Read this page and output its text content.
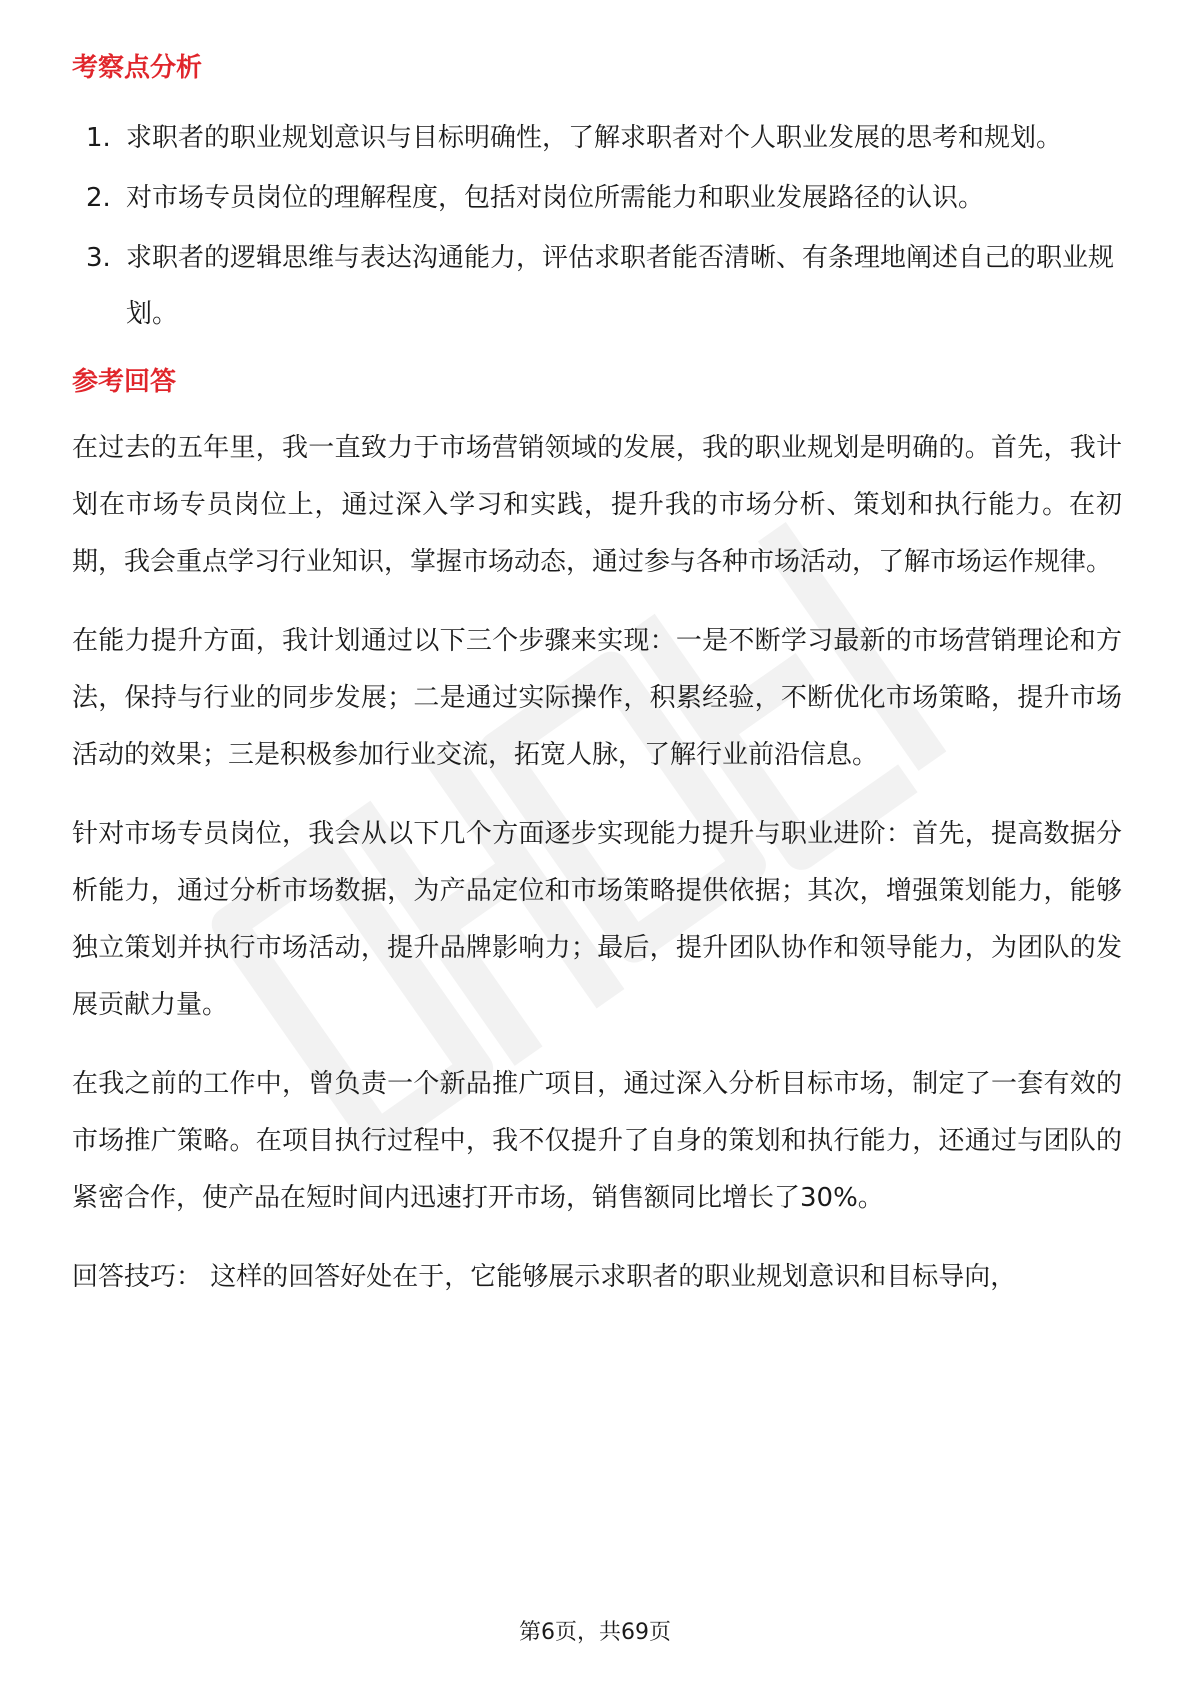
考察点分析
1. 求职者的职业规划意识与目标明确性，了解求职者对个人职业发展的思考和规划。
2. 对市场专员岗位的理解程度，包括对岗位所需能力和职业发展路径的认识。
3. 求职者的逻辑思维与表达沟通能力，评估求职者能否清晰、有条理地阐述自己的职业规划。
参考回答

在过去的五年里，我一直致力于市场营销领域的发展，我的职业规划是明确的。首先，我计划在市场专员岗位上，通过深入学习和实践，提升我的市场分析、策划和执行能力。在初期，我会重点学习行业知识，掌握市场动态，通过参与各种市场活动，了解市场运作规律。

在能力提升方面，我计划通过以下三个步骤来实现：一是不断学习最新的市场营销理论和方法，保持与行业的同步发展；二是通过实际操作，积累经验，不断优化市场策略，提升市场活动的效果；三是积极参加行业交流，拓宽人脉，了解行业前沿信息。

针对市场专员岗位，我会从以下几个方面逐步实现能力提升与职业进阶：首先，提高数据分析能力，通过分析市场数据，为产品定位和市场策略提供依据；其次，增强策划能力，能够独立策划并执行市场活动，提升品牌影响力；最后，提升团队协作和领导能力，为团队的发展贡献力量。

在我之前的工作中，曾负责一个新品推广项目，通过深入分析目标市场，制定了一套有效的市场推广策略。在项目执行过程中，我不仅提升了自身的策划和执行能力，还通过与团队的紧密合作，使产品在短时间内迅速打开市场，销售额同比增长了30%。

回答技巧： 这样的回答好处在于，它能够展示求职者的职业规划意识和目标导向，

第6页，共69页
